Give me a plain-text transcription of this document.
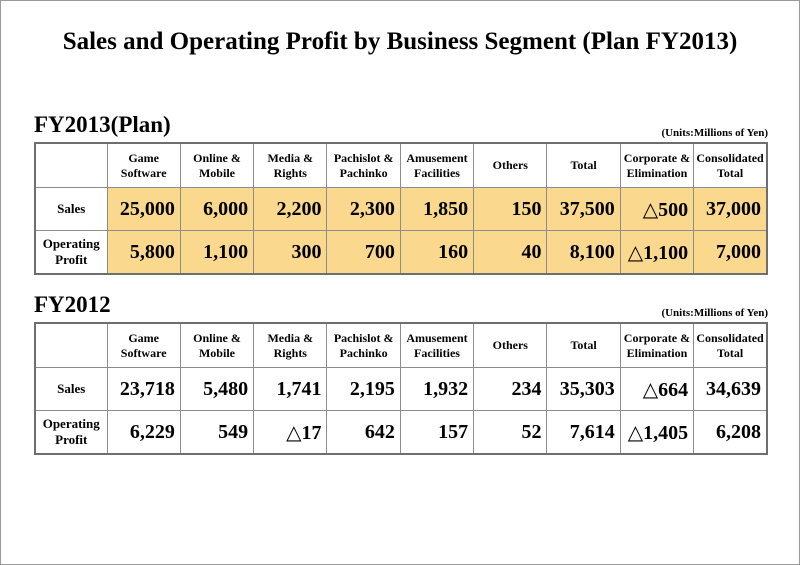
Sales and Operating Profit by Business Segment (Plan FY2013)
FY2013(Plan)	(Units:Millions of Yen)
	Game Software	Online & Mobile	Media & Rights	Pachislot & Pachinko	Amusement Facilities	Others	Total	Corporate & Elimination	Consolidated Total
Sales	25,000	6,000	2,200	2,300	1,850	150	37,500	△500	37,000
Operating Profit	5,800	1,100	300	700	160	40	8,100	△1,100	7,000
FY2012	(Units:Millions of Yen)
	Game Software	Online & Mobile	Media & Rights	Pachislot & Pachinko	Amusement Facilities	Others	Total	Corporate & Elimination	Consolidated Total
Sales	23,718	5,480	1,741	2,195	1,932	234	35,303	△664	34,639
Operating Profit	6,229	549	△17	642	157	52	7,614	△1,405	6,208
